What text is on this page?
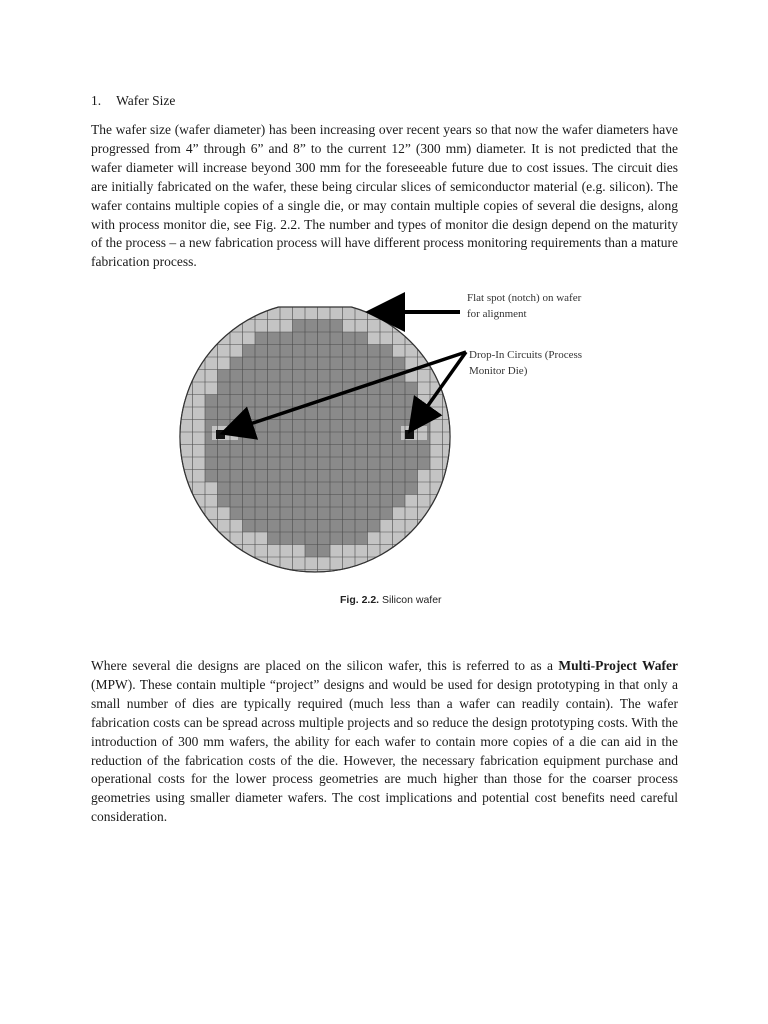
1. Wafer Size

The wafer size (wafer diameter) has been increasing over recent years so that now the wafer diameters have progressed from 4” through 6” and 8” to the current 12” (300 mm) diameter. It is not predicted that the wafer diameter will increase beyond 300 mm for the foreseeable future due to cost issues. The circuit dies are initially fabricated on the wafer, these being circular slices of semiconductor material (e.g. silicon). The wafer contains multiple copies of a single die, or may contain multiple copies of several die designs, along with process monitor die, see Fig. 2.2. The number and types of monitor die design depend on the maturity of the process – a new fabrication process will have different process monitoring requirements than a mature fabrication process.

Flat spot (notch) on wafer
for alignment
Drop-In Circuits (Process
Monitor Die)
Fig. 2.2. Silicon wafer

Where several die designs are placed on the silicon wafer, this is referred to as a Multi-Project Wafer (MPW). These contain multiple “project” designs and would be used for design prototyping in that only a small number of dies are typically required (much less than a wafer can readily contain). The wafer fabrication costs can be spread across multiple projects and so reduce the design prototyping costs. With the introduction of 300 mm wafers, the ability for each wafer to contain more copies of a die can aid in the reduction of the fabrication costs of the die. However, the necessary fabrication equipment purchase and operational costs for the lower process geometries are much higher than those for the coarser process geometries using smaller diameter wafers. The cost implications and potential cost benefits need careful consideration.
